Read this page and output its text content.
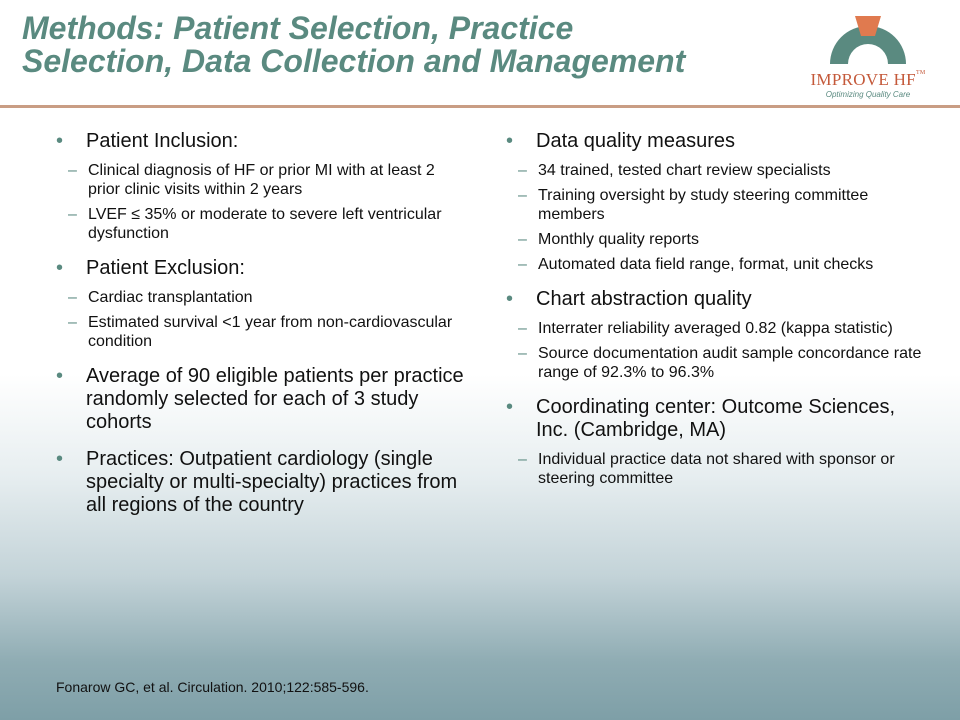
Methods: Patient Selection, Practice
Selection, Data Collection and Management
IMPROVE HF™
Optimizing Quality Care
• Patient Inclusion:
– Clinical diagnosis of HF or prior MI with at least 2 prior clinic visits within 2 years
– LVEF ≤ 35% or moderate to severe left ventricular dysfunction
• Patient Exclusion:
– Cardiac transplantation
– Estimated survival <1 year from non-cardiovascular condition
• Average of 90 eligible patients per practice randomly selected for each of 3 study cohorts
• Practices: Outpatient cardiology (single specialty or multi-specialty) practices from all regions of the country
• Data quality measures
– 34 trained, tested chart review specialists
– Training oversight by study steering committee members
– Monthly quality reports
– Automated data field range, format, unit checks
• Chart abstraction quality
– Interrater reliability averaged 0.82 (kappa statistic)
– Source documentation audit sample concordance rate range of 92.3% to 96.3%
• Coordinating center: Outcome Sciences, Inc. (Cambridge, MA)
– Individual practice data not shared with sponsor or steering committee
Fonarow GC, et al. Circulation. 2010;122:585-596.
